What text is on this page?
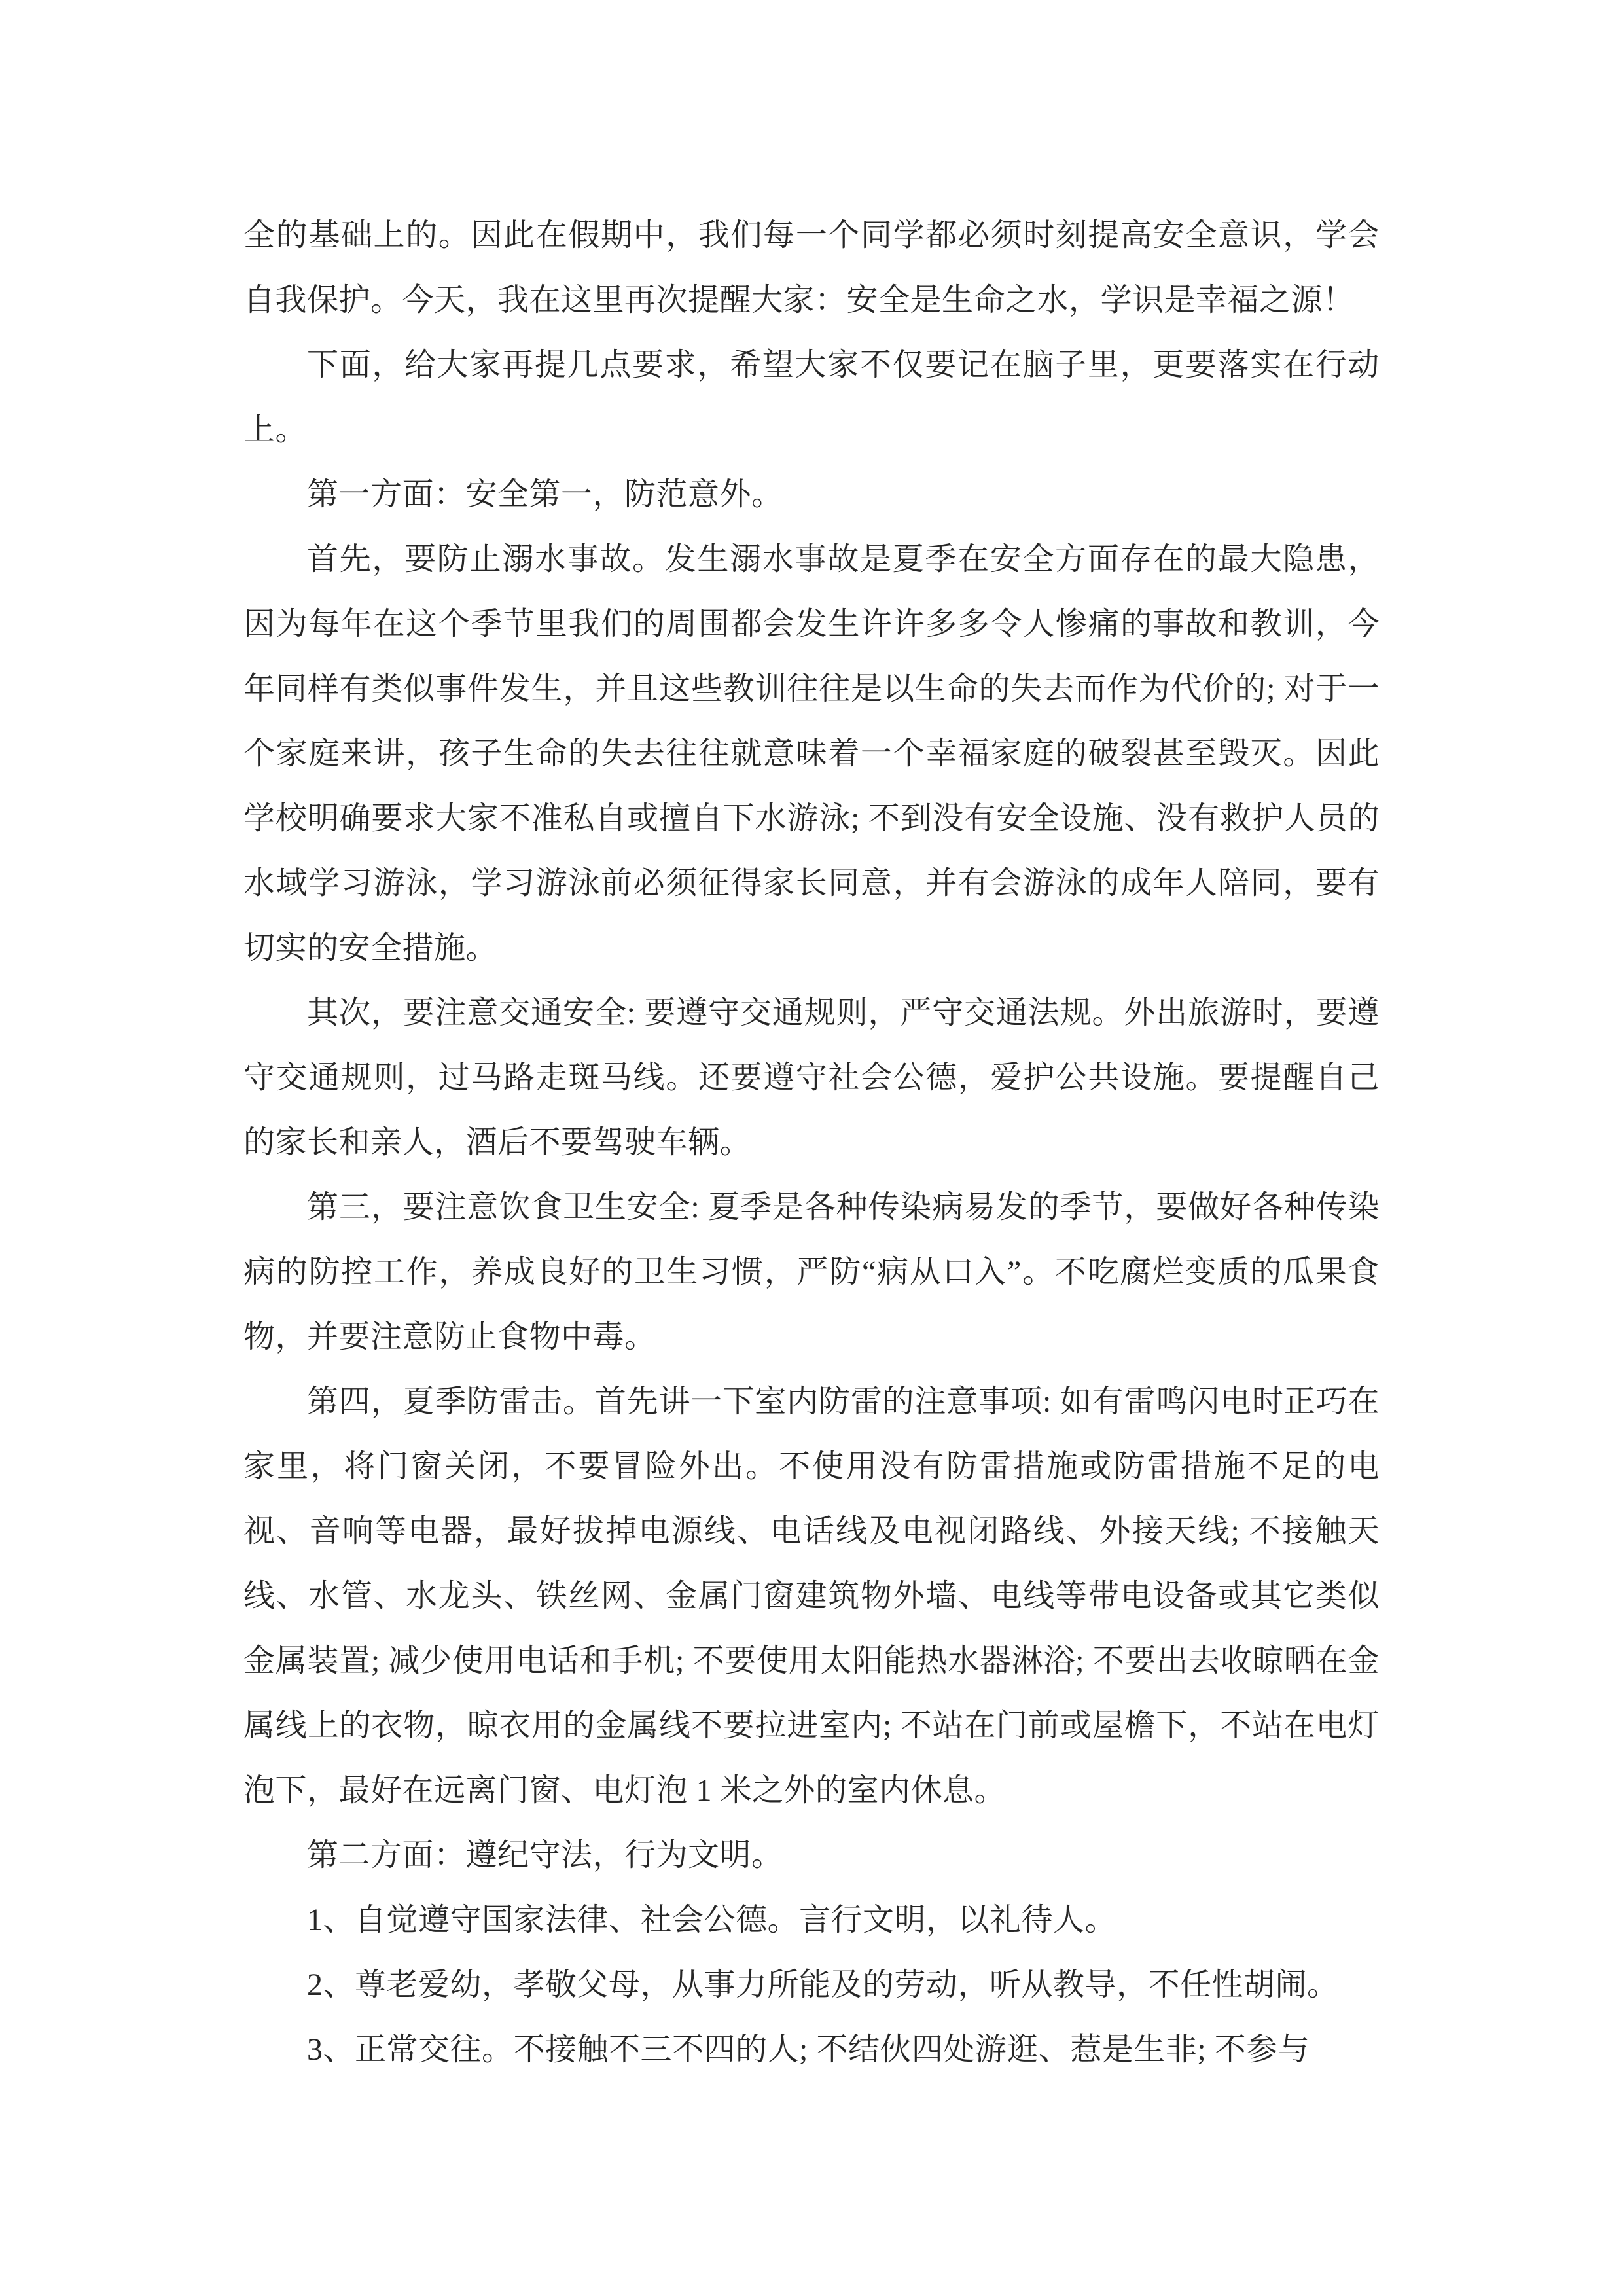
全的基础上的。因此在假期中，我们每一个同学都必须时刻提高安全意识，学会自我保护。今天，我在这里再次提醒大家：安全是生命之水，学识是幸福之源！

下面，给大家再提几点要求，希望大家不仅要记在脑子里，更要落实在行动上。

第一方面：安全第一，防范意外。

首先，要防止溺水事故。发生溺水事故是夏季在安全方面存在的最大隐患，因为每年在这个季节里我们的周围都会发生许许多多令人惨痛的事故和教训，今年同样有类似事件发生，并且这些教训往往是以生命的失去而作为代价的; 对于一个家庭来讲，孩子生命的失去往往就意味着一个幸福家庭的破裂甚至毁灭。因此学校明确要求大家不准私自或擅自下水游泳; 不到没有安全设施、没有救护人员的水域学习游泳，学习游泳前必须征得家长同意，并有会游泳的成年人陪同，要有切实的安全措施。

其次，要注意交通安全: 要遵守交通规则，严守交通法规。外出旅游时，要遵守交通规则，过马路走斑马线。还要遵守社会公德，爱护公共设施。要提醒自己的家长和亲人，酒后不要驾驶车辆。

第三，要注意饮食卫生安全: 夏季是各种传染病易发的季节，要做好各种传染病的防控工作，养成良好的卫生习惯，严防“病从口入”。不吃腐烂变质的瓜果食物，并要注意防止食物中毒。

第四，夏季防雷击。首先讲一下室内防雷的注意事项: 如有雷鸣闪电时正巧在家里，将门窗关闭，不要冒险外出。不使用没有防雷措施或防雷措施不足的电视、音响等电器，最好拔掉电源线、电话线及电视闭路线、外接天线; 不接触天线、水管、水龙头、铁丝网、金属门窗建筑物外墙、电线等带电设备或其它类似金属装置; 减少使用电话和手机; 不要使用太阳能热水器淋浴; 不要出去收晾晒在金属线上的衣物，晾衣用的金属线不要拉进室内; 不站在门前或屋檐下，不站在电灯泡下，最好在远离门窗、电灯泡 1 米之外的室内休息。

第二方面：遵纪守法，行为文明。

1、自觉遵守国家法律、社会公德。言行文明，以礼待人。

2、尊老爱幼，孝敬父母，从事力所能及的劳动，听从教导，不任性胡闹。

3、正常交往。不接触不三不四的人; 不结伙四处游逛、惹是生非; 不参与
